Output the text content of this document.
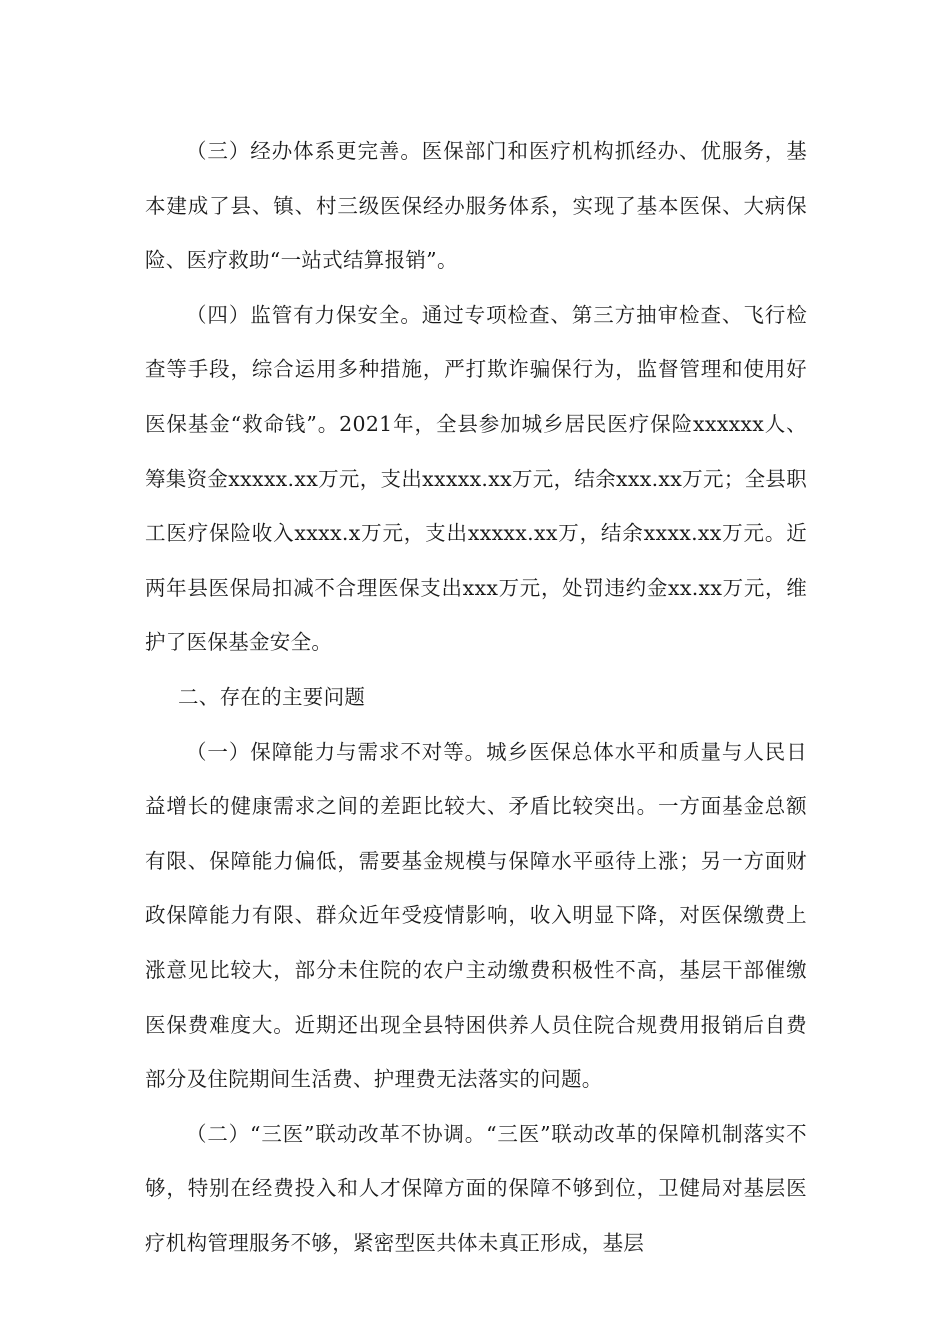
（三）经办体系更完善。医保部门和医疗机构抓经办、优服务，基本建成了县、镇、村三级医保经办服务体系，实现了基本医保、大病保险、医疗救助“一站式结算报销”。

（四）监管有力保安全。通过专项检查、第三方抽审检查、飞行检查等手段，综合运用多种措施，严打欺诈骗保行为，监督管理和使用好医保基金“救命钱”。2021年，全县参加城乡居民医疗保险xxxxxx人、筹集资金xxxxx.xx万元，支出xxxxx.xx万元，结余xxx.xx万元；全县职工医疗保险收入xxxx.x万元，支出xxxxx.xx万，结余xxxx.xx万元。近两年县医保局扣减不合理医保支出xxx万元，处罚违约金xx.xx万元，维护了医保基金安全。

二、存在的主要问题

（一）保障能力与需求不对等。城乡医保总体水平和质量与人民日益增长的健康需求之间的差距比较大、矛盾比较突出。一方面基金总额有限、保障能力偏低，需要基金规模与保障水平亟待上涨；另一方面财政保障能力有限、群众近年受疫情影响，收入明显下降，对医保缴费上涨意见比较大，部分未住院的农户主动缴费积极性不高，基层干部催缴医保费难度大。近期还出现全县特困供养人员住院合规费用报销后自费部分及住院期间生活费、护理费无法落实的问题。

（二）“三医”联动改革不协调。“三医”联动改革的保障机制落实不够，特别在经费投入和人才保障方面的保障不够到位，卫健局对基层医疗机构管理服务不够，紧密型医共体未真正形成，基层
